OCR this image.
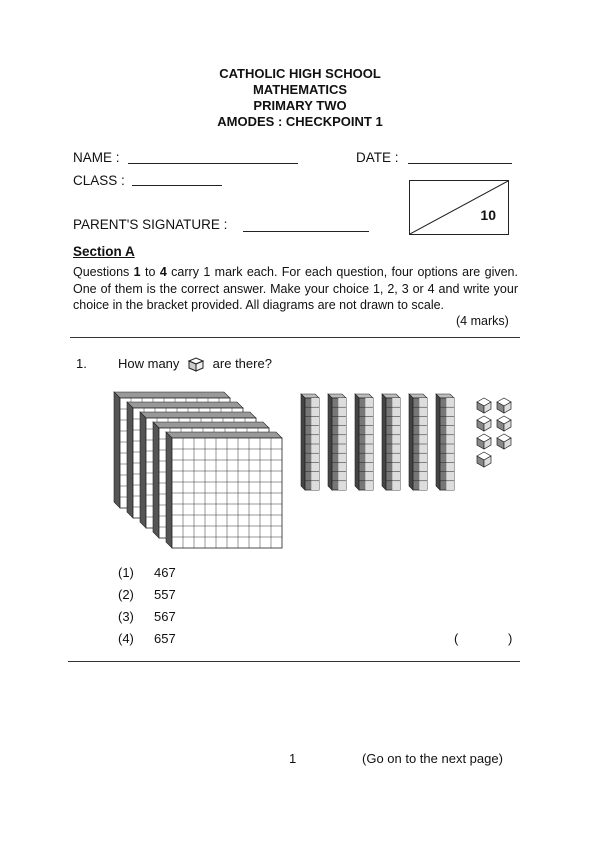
CATHOLIC HIGH SCHOOL
MATHEMATICS
PRIMARY TWO
AMODES : CHECKPOINT 1
NAME :	DATE :
CLASS :
PARENT'S SIGNATURE :
10
Section A
Questions 1 to 4 carry 1 mark each. For each question, four options are given. One of them is the correct answer. Make your choice 1, 2, 3 or 4 and write your choice in the bracket provided. All diagrams are not drawn to scale.
(4 marks)
1. How many	are there?
(1) 467
(2) 557
(3) 567
(4) 657	(	)
1	(Go on to the next page)
